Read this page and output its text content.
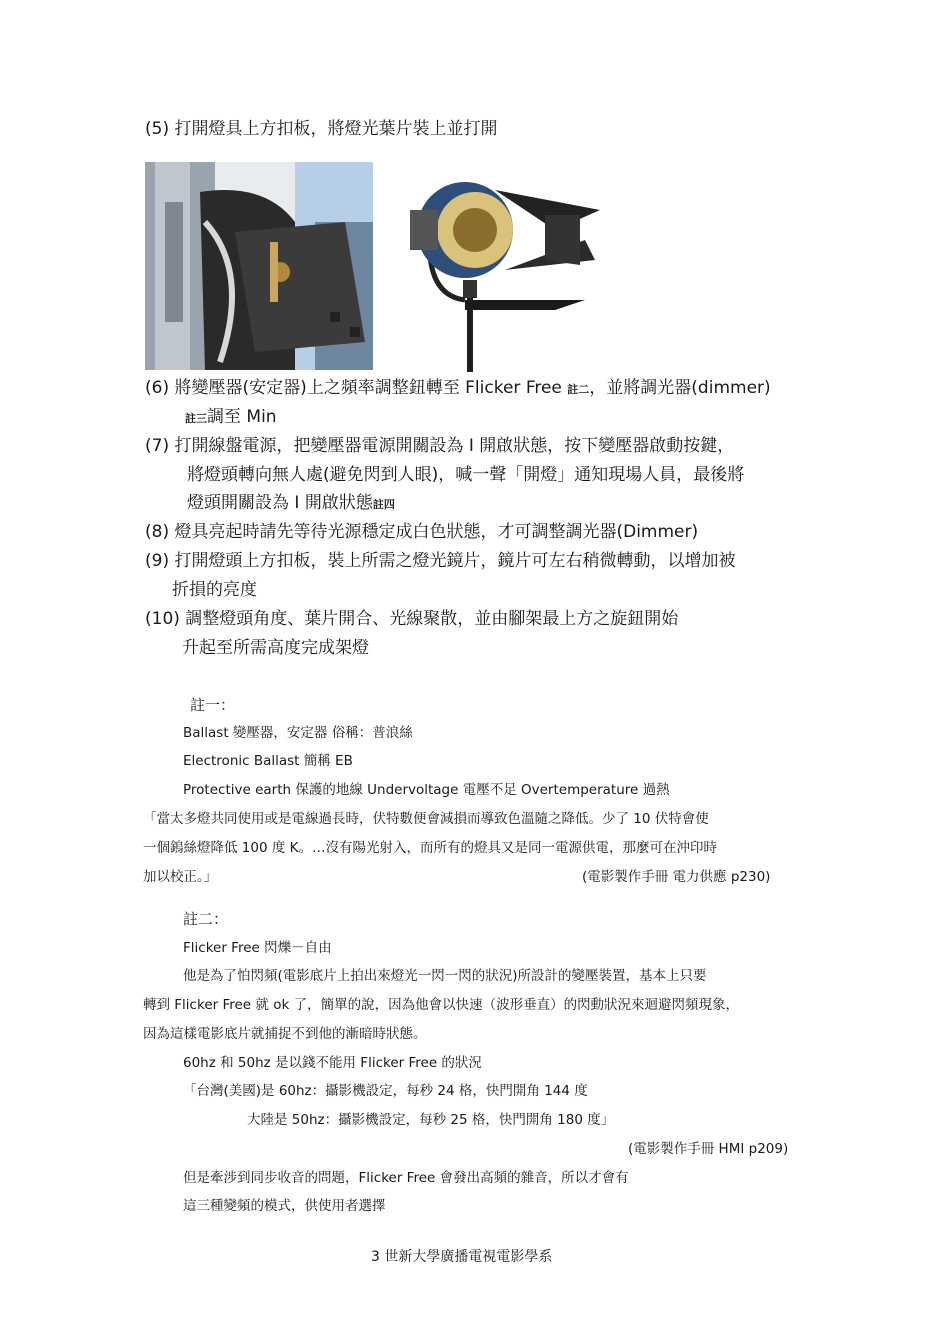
(5) 打開燈具上方扣板，將燈光葉片裝上並打開
(6) 將變壓器(安定器)上之頻率調整鈕轉至 Flicker Free 註二，並將調光器(dimmer)
註三調至 Min
(7) 打開線盤電源，把變壓器電源開關設為 I 開啟狀態，按下變壓器啟動按鍵，
將燈頭轉向無人處(避免閃到人眼)，喊一聲「開燈」通知現場人員，最後將
燈頭開關設為 I 開啟狀態註四
(8) 燈具亮起時請先等待光源穩定成白色狀態，才可調整調光器(Dimmer)
(9) 打開燈頭上方扣板，裝上所需之燈光鏡片，鏡片可左右稍微轉動，以增加被
折損的亮度
(10) 調整燈頭角度、葉片開合、光線聚散，並由腳架最上方之旋鈕開始
升起至所需高度完成架燈
註一：
Ballast 變壓器，安定器 俗稱：普浪絲
Electronic Ballast 簡稱 EB
Protective earth 保護的地線 Undervoltage 電壓不足 Overtemperature 過熱
「當太多燈共同使用或是電線過長時，伏特數便會減損而導致色溫隨之降低。少了 10 伏特會使
一個鎢絲燈降低 100 度 K。…沒有陽光射入，而所有的燈具又是同一電源供電，那麼可在沖印時
加以校正。」	(電影製作手冊 電力供應 p230)
註二：
Flicker Free 閃爍－自由
他是為了怕閃頻(電影底片上拍出來燈光一閃一閃的狀況)所設計的變壓裝置，基本上只要
轉到 Flicker Free 就 ok 了，簡單的說，因為他會以快速（波形垂直）的閃動狀況來迴避閃頻現象，
因為這樣電影底片就捕捉不到他的漸暗時狀態。
60hz 和 50hz 是以錢不能用 Flicker Free 的狀況
「台灣(美國)是 60hz：攝影機設定，每秒 24 格，快門開角 144 度
大陸是 50hz：攝影機設定，每秒 25 格，快門開角 180 度」
(電影製作手冊 HMI p209)
但是牽涉到同步收音的問題，Flicker Free 會發出高頻的雜音，所以才會有
這三種變頻的模式，供使用者選擇
3 世新大學廣播電視電影學系
